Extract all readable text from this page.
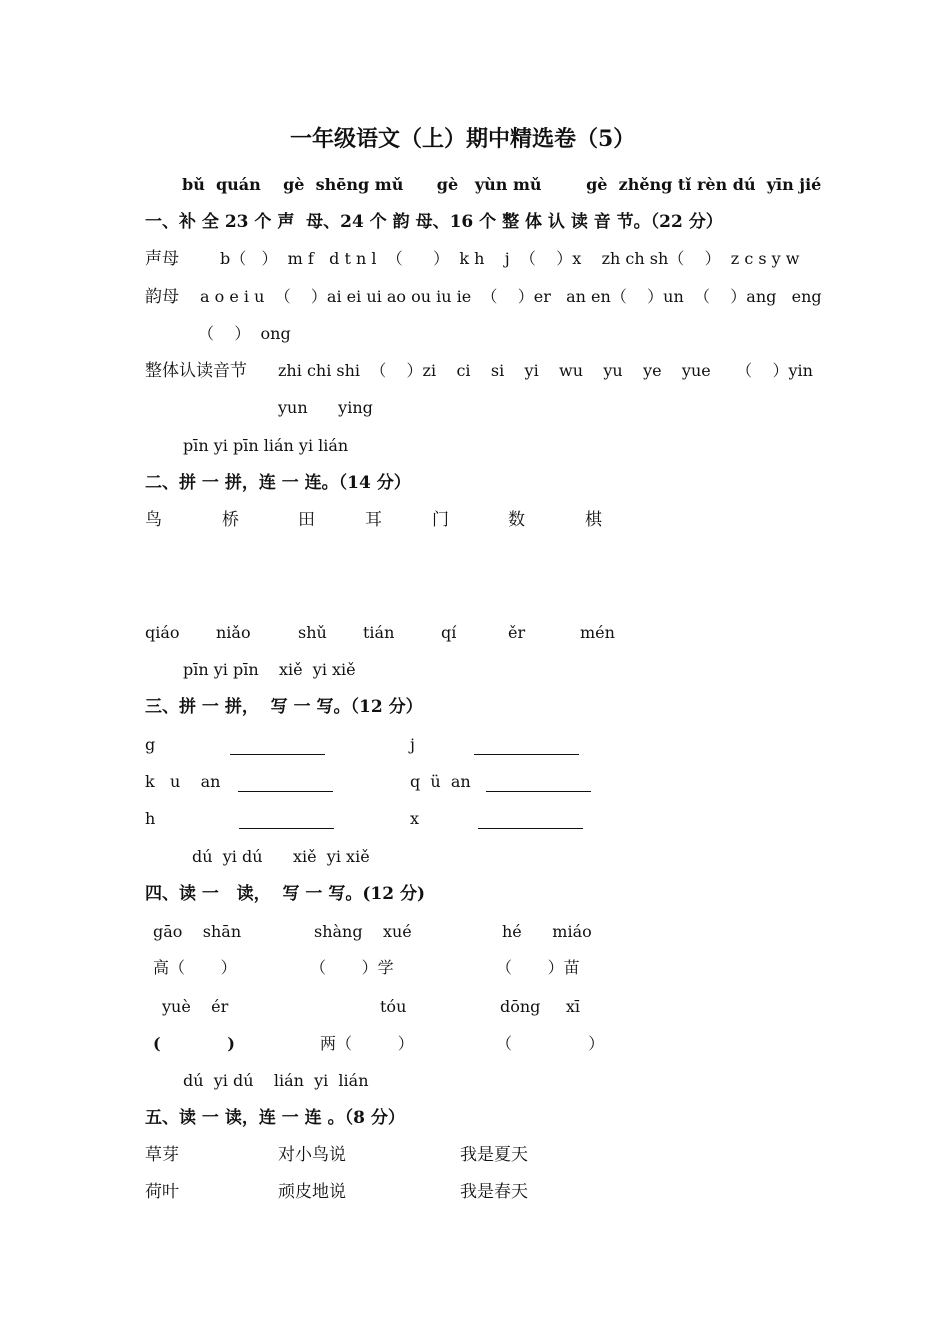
一年级语文（上）期中精选卷（5）
bǔ  quán    gè  shēng mǔ      gè   yùn mǔ        gè  zhěng tǐ rèn dú  yīn jié
一、补 全 23 个 声  母、24 个 韵 母、16 个 整 体 认 读 音 节。（22 分）
声母	b（   ）  m f   d t n l  （      ）  k h    j  （    ）x    zh ch sh（    ）  z c s y w
韵母 a o e i u  （    ）ai ei ui ao ou iu ie  （    ）er   an en（    ）un  （    ）ang   eng
（    ）  ong
整体认读音节 zhi chi shi  （    ）zi    ci    si    yi    wu    yu    ye    yue     （    ）yin
yun      ying
pīn yi pīn lián yi lián
二、拼 一 拼，连 一 连。（14 分）
鸟	桥	田	耳	门	数	棋
qiáo niǎo	shǔ tián	qí	ěr	mén
pīn yi pīn    xiě  yi xiě
三、拼 一 拼，  写 一 写。（12 分）
g	j
k   u    an	q  ü  an
h	x
dú  yi dú      xiě  yi xiě
四、读 一   读，  写 一 写。(12 分)
gāo    shān	shàng    xué	hé      miáo
高（       ）	（       ）学	（       ）苗
yuè    ér	tóu	dōng     xī
(            )	两（         ）	（               ）
dú  yi dú    lián  yi  lián
五、读 一 读，连 一 连 。（8 分）
草芽	对小鸟说	我是夏天
荷叶	顽皮地说	我是春天
